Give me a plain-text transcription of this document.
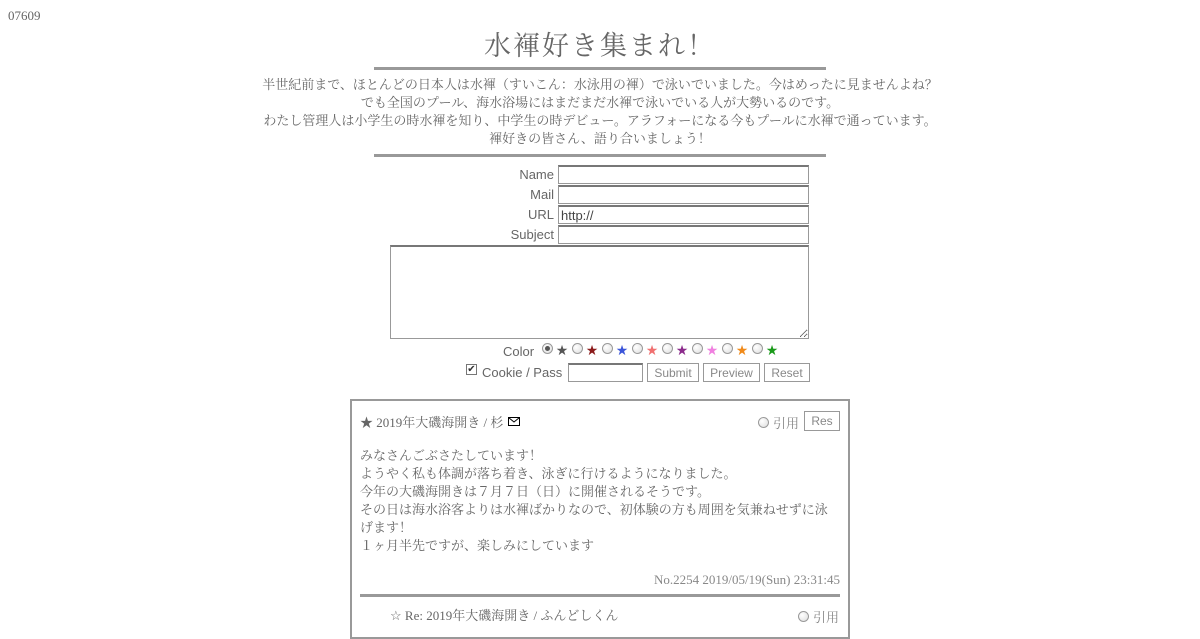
07609
水褌好き集まれ！
半世紀前まで、ほとんどの日本人は水褌（すいこん：水泳用の褌）で泳いでいました。今はめったに見ませんよね？
でも全国のプール、海水浴場にはまだまだ水褌で泳いでいる人が大勢いるのです。
わたし管理人は小学生の時水褌を知り、中学生の時デビュー。アラフォーになる今もプールに水褌で通っています。
褌好きの皆さん、語り合いましょう！
Name
Mail
URL
http://
Subject
Color ★ ★ ★ ★ ★ ★ ★ ★
✔ Cookie / Pass	Submit	Preview	Reset
★ 2019年大磯海開き / 杉	引用	Res
みなさんごぶさたしています！
ようやく私も体調が落ち着き、泳ぎに行けるようになりました。
今年の大磯海開きは７月７日（日）に開催されるそうです。
その日は海水浴客よりは水褌ばかりなので、初体験の方も周囲を気兼ねせずに泳げます！
１ヶ月半先ですが、楽しみにしています
No.2254 2019/05/19(Sun) 23:31:45
☆ Re: 2019年大磯海開き / ふんどしくん	引用
